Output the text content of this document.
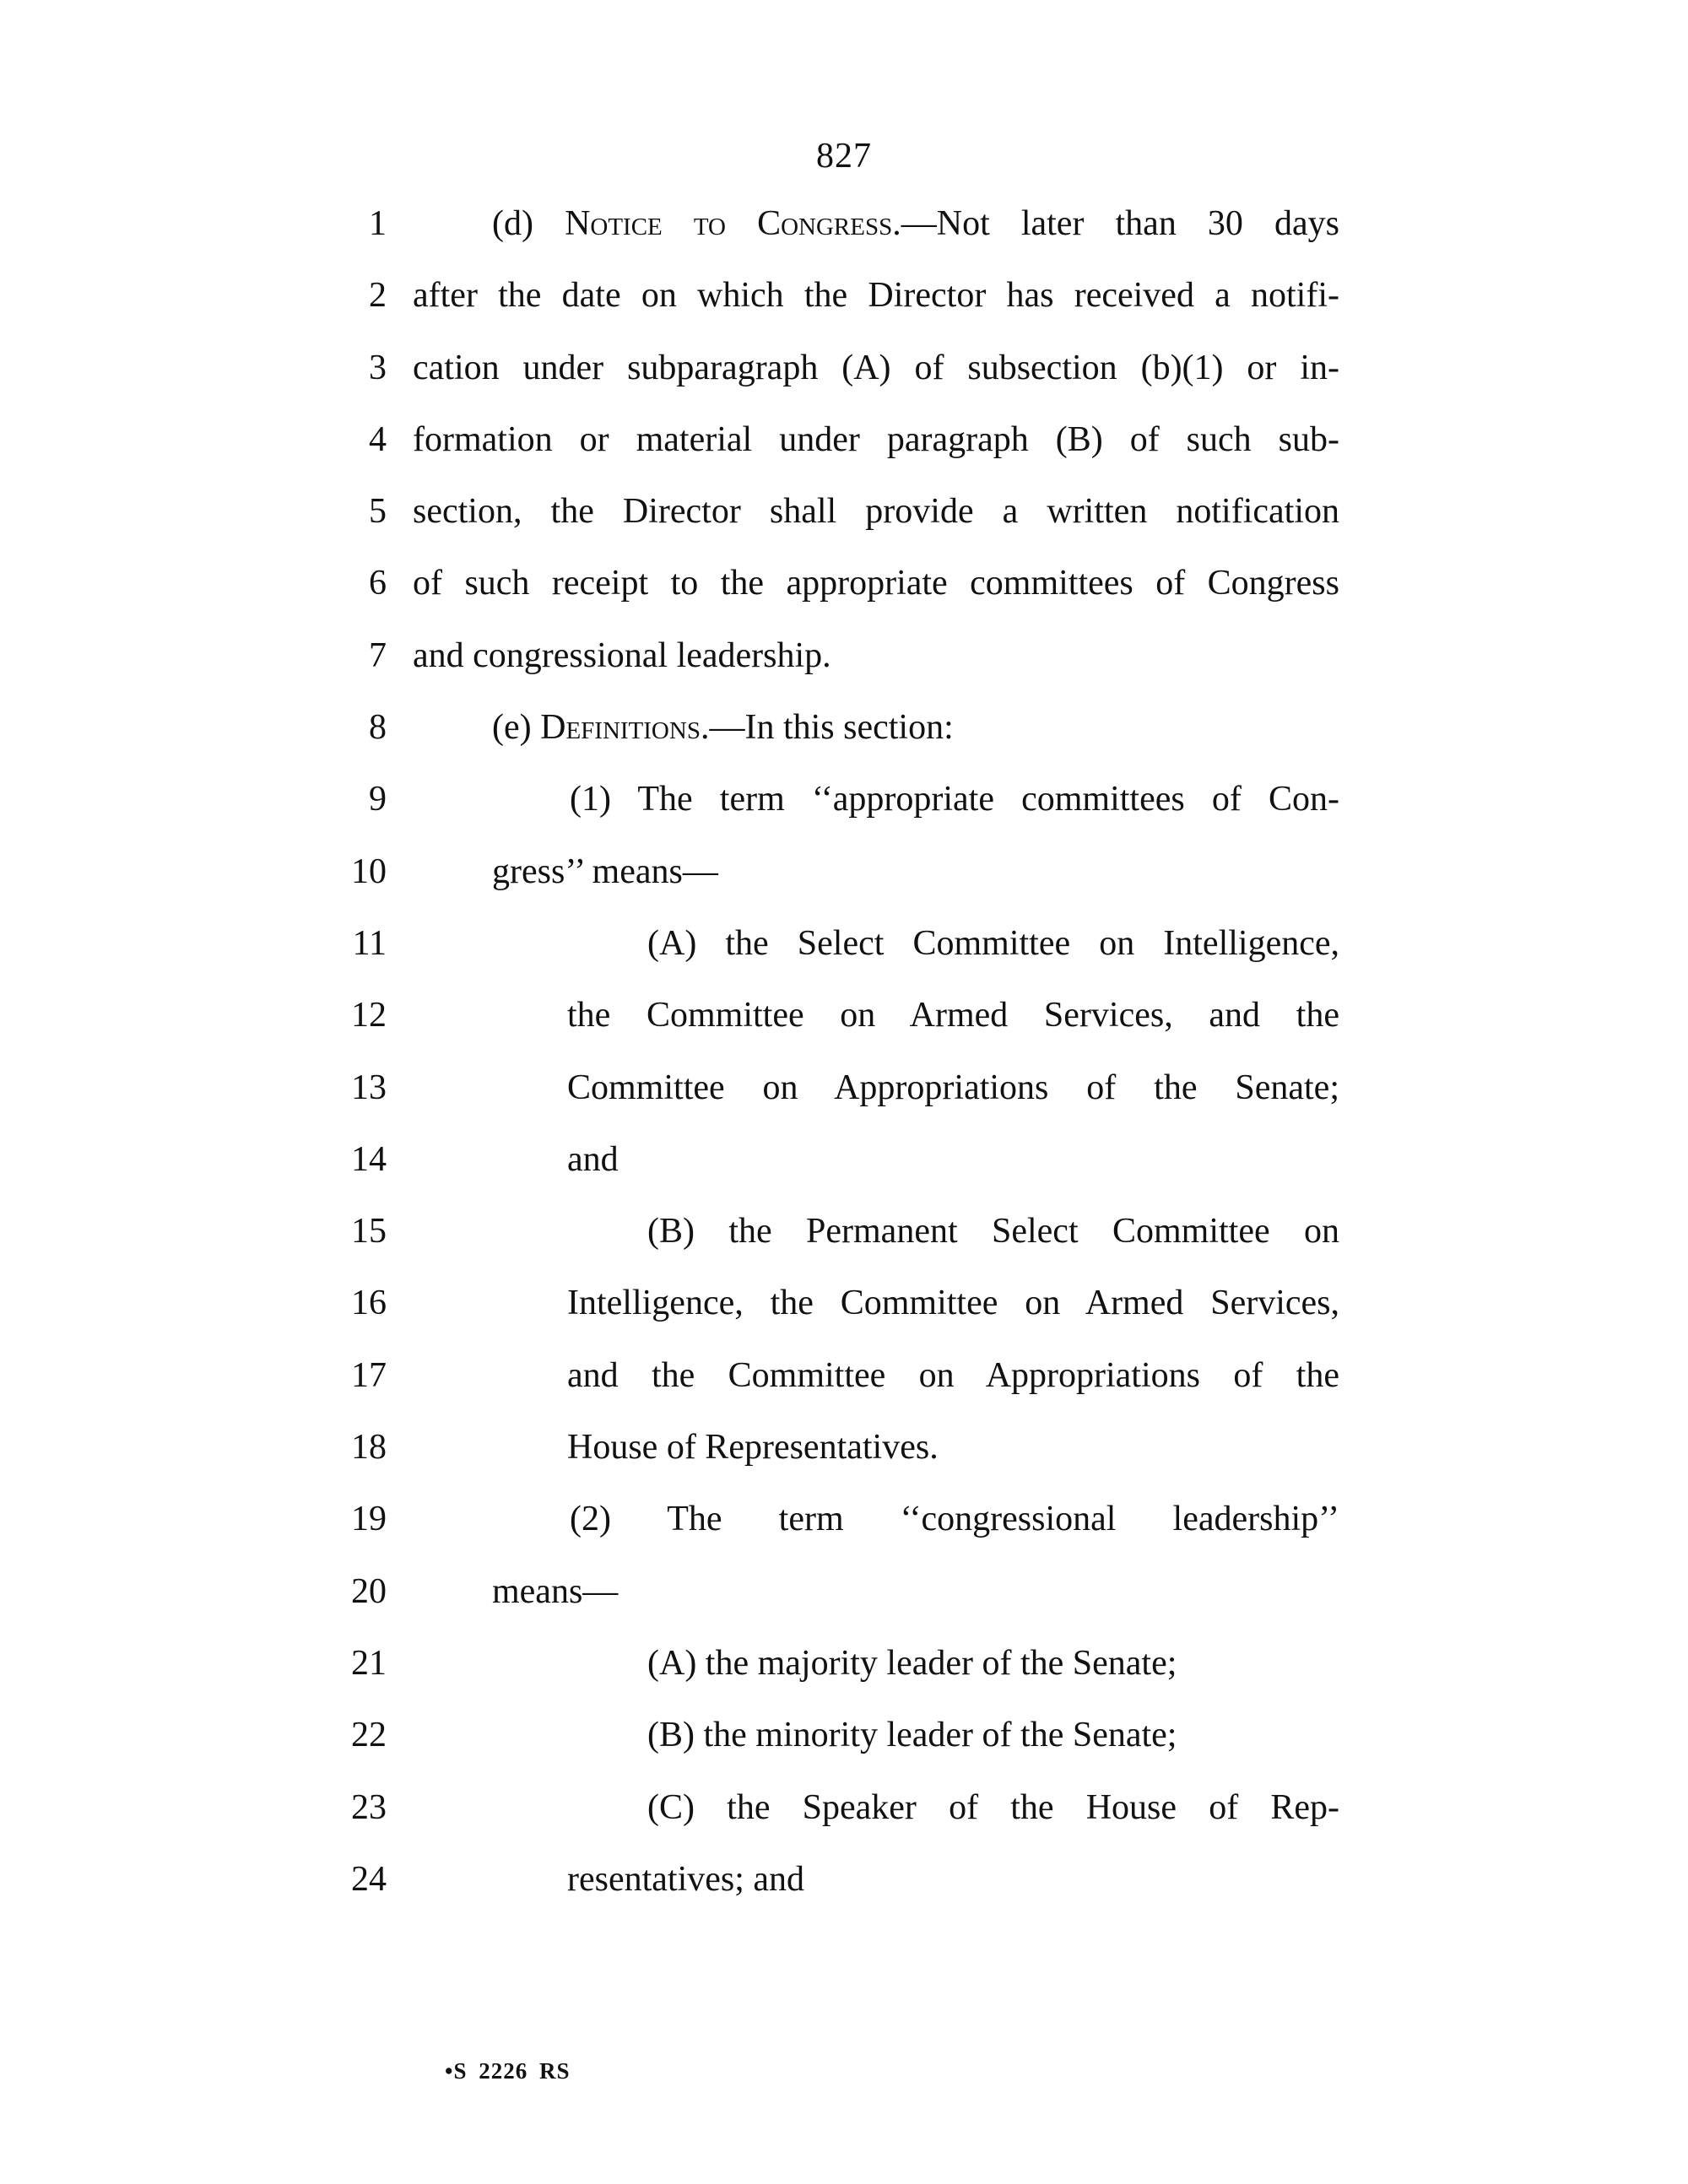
827
1	(d) Notice to Congress.—Not later than 30 days
2 after the date on which the Director has received a notifi-
3 cation under subparagraph (A) of subsection (b)(1) or in-
4 formation or material under paragraph (B) of such sub-
5 section, the Director shall provide a written notification
6 of such receipt to the appropriate committees of Congress
7 and congressional leadership.
8	(e) Definitions.—In this section:
9	(1) The term ‘‘appropriate committees of Con-
10	gress’’ means—
11	(A) the Select Committee on Intelligence,
12	the Committee on Armed Services, and the
13	Committee on Appropriations of the Senate;
14	and
15	(B) the Permanent Select Committee on
16	Intelligence, the Committee on Armed Services,
17	and the Committee on Appropriations of the
18	House of Representatives.
19	(2) The term ‘‘congressional leadership’’
20	means—
21	(A) the majority leader of the Senate;
22	(B) the minority leader of the Senate;
23	(C) the Speaker of the House of Rep-
24	resentatives; and
•S 2226 RS
